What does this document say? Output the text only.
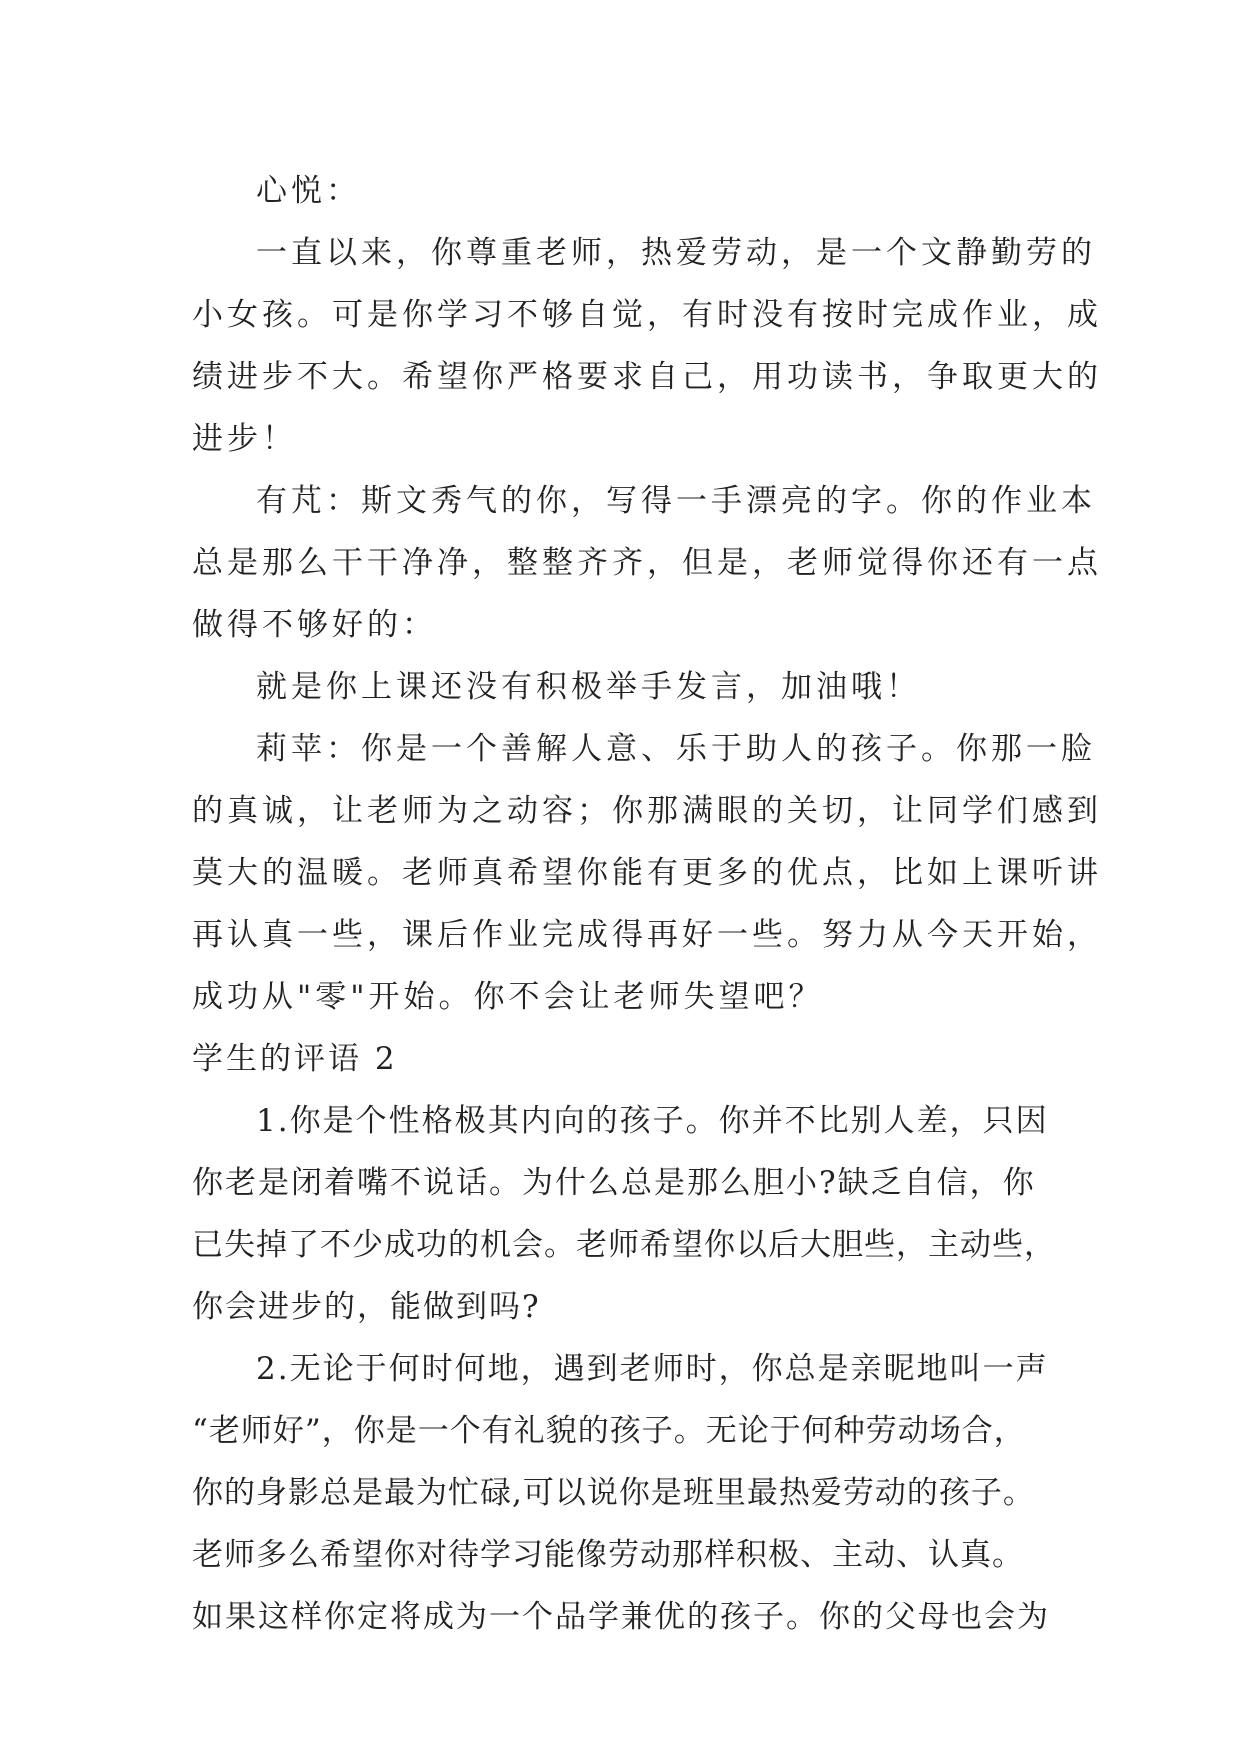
心悦：
一直以来，你尊重老师，热爱劳动，是一个文静勤劳的
小女孩。可是你学习不够自觉，有时没有按时完成作业，成
绩进步不大。希望你严格要求自己，用功读书，争取更大的
进步！
有芃：斯文秀气的你，写得一手漂亮的字。你的作业本
总是那么干干净净，整整齐齐，但是，老师觉得你还有一点
做得不够好的：
就是你上课还没有积极举手发言，加油哦！
莉苹：你是一个善解人意、乐于助人的孩子。你那一脸
的真诚，让老师为之动容；你那满眼的关切，让同学们感到
莫大的温暖。老师真希望你能有更多的优点，比如上课听讲
再认真一些，课后作业完成得再好一些。努力从今天开始，
成功从"零"开始。你不会让老师失望吧？
学生的评语 2
1.你是个性格极其内向的孩子。你并不比别人差，只因
你老是闭着嘴不说话。为什么总是那么胆小?缺乏自信，你
已失掉了不少成功的机会。老师希望你以后大胆些，主动些，
你会进步的，能做到吗?
2.无论于何时何地，遇到老师时，你总是亲昵地叫一声
“老师好”，你是一个有礼貌的孩子。无论于何种劳动场合，
你的身影总是最为忙碌,可以说你是班里最热爱劳动的孩子。
老师多么希望你对待学习能像劳动那样积极、主动、认真。
如果这样你定将成为一个品学兼优的孩子。你的父母也会为
